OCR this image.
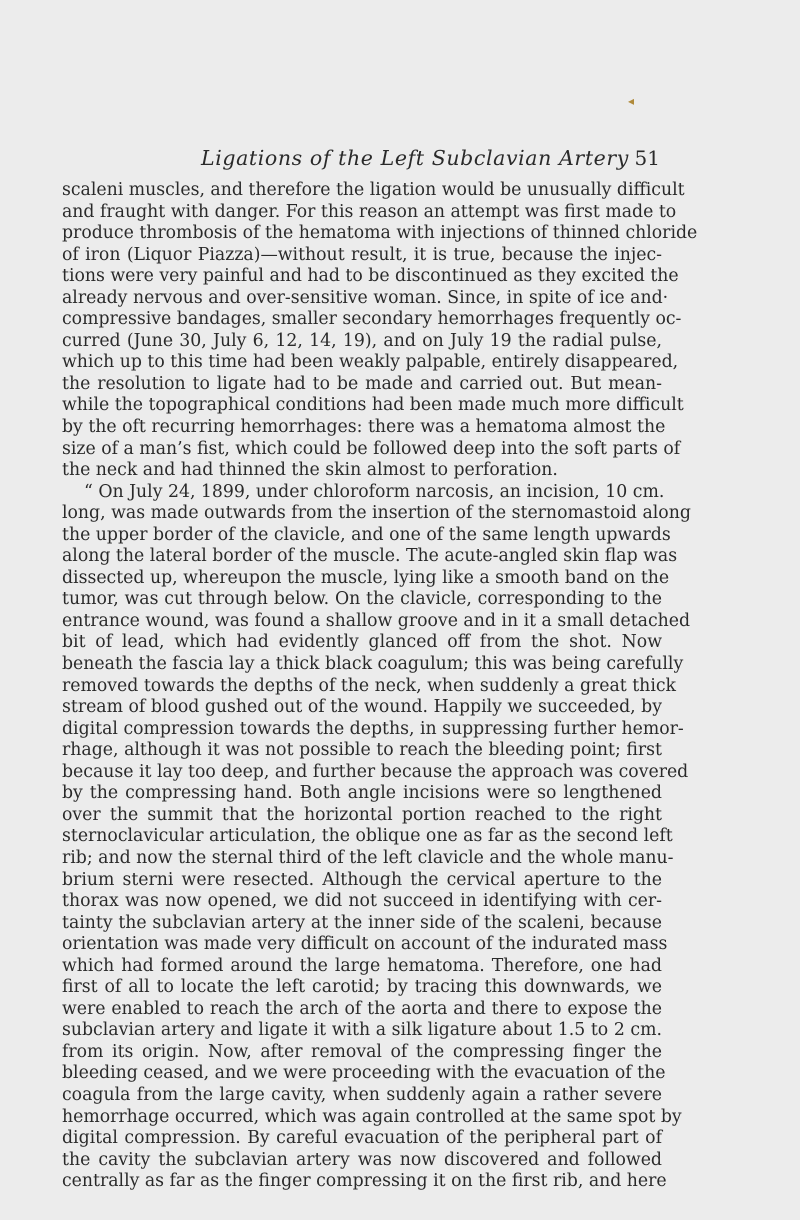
◂
Ligations of the Left Subclavian Artery 51
scaleni muscles, and therefore the ligation would be unusually difficult
and fraught with danger. For this reason an attempt was first made to
produce thrombosis of the hematoma with injections of thinned chloride
of iron (Liquor Piazza)—without result, it is true, because the injec-
tions were very painful and had to be discontinued as they excited the
already nervous and over-sensitive woman. Since, in spite of ice and·
compressive bandages, smaller secondary hemorrhages frequently oc-
curred (June 30, July 6, 12, 14, 19), and on July 19 the radial pulse,
which up to this time had been weakly palpable, entirely disappeared,
the resolution to ligate had to be made and carried out. But mean-
while the topographical conditions had been made much more difficult
by the oft recurring hemorrhages: there was a hematoma almost the
size of a man’s fist, which could be followed deep into the soft parts of
the neck and had thinned the skin almost to perforation.
“ On July 24, 1899, under chloroform narcosis, an incision, 10 cm.
long, was made outwards from the insertion of the sternomastoid along
the upper border of the clavicle, and one of the same length upwards
along the lateral border of the muscle. The acute-angled skin flap was
dissected up, whereupon the muscle, lying like a smooth band on the
tumor, was cut through below. On the clavicle, corresponding to the
entrance wound, was found a shallow groove and in it a small detached
bit of lead, which had evidently glanced off from the shot. Now
beneath the fascia lay a thick black coagulum; this was being carefully
removed towards the depths of the neck, when suddenly a great thick
stream of blood gushed out of the wound. Happily we succeeded, by
digital compression towards the depths, in suppressing further hemor-
rhage, although it was not possible to reach the bleeding point; first
because it lay too deep, and further because the approach was covered
by the compressing hand. Both angle incisions were so lengthened
over the summit that the horizontal portion reached to the right
sternoclavicular articulation, the oblique one as far as the second left
rib; and now the sternal third of the left clavicle and the whole manu-
brium sterni were resected. Although the cervical aperture to the
thorax was now opened, we did not succeed in identifying with cer-
tainty the subclavian artery at the inner side of the scaleni, because
orientation was made very difficult on account of the indurated mass
which had formed around the large hematoma. Therefore, one had
first of all to locate the left carotid; by tracing this downwards, we
were enabled to reach the arch of the aorta and there to expose the
subclavian artery and ligate it with a silk ligature about 1.5 to 2 cm.
from its origin. Now, after removal of the compressing finger the
bleeding ceased, and we were proceeding with the evacuation of the
coagula from the large cavity, when suddenly again a rather severe
hemorrhage occurred, which was again controlled at the same spot by
digital compression. By careful evacuation of the peripheral part of
the cavity the subclavian artery was now discovered and followed
centrally as far as the finger compressing it on the first rib, and here
